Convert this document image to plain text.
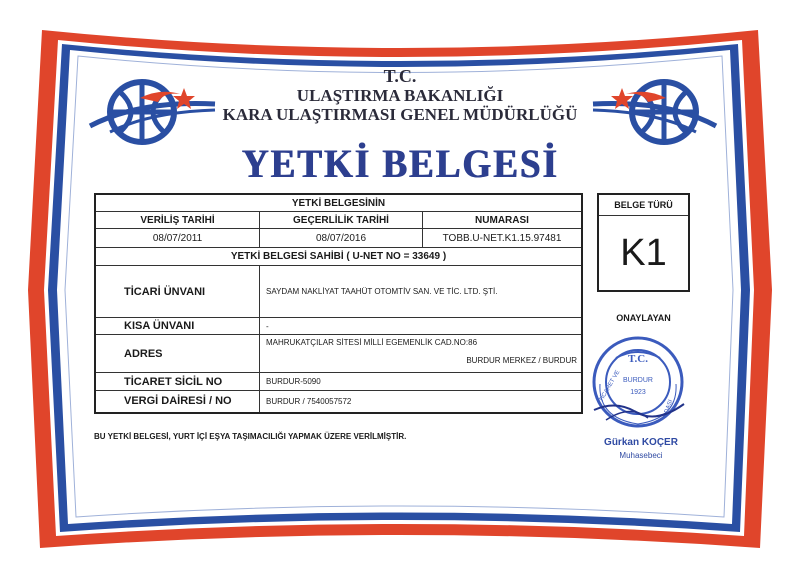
T.C.
ULAŞTIRMA BAKANLIĞI
KARA ULAŞTIRMASI GENEL MÜDÜRLÜĞÜ
YETKİ BELGESİ
YETKİ BELGESİNİN
VERİLİŞ TARİHİ	GEÇERLİLİK TARİHİ	NUMARASI
08/07/2011	08/07/2016	TOBB.U-NET.K1.15.97481
YETKİ BELGESİ SAHİBİ ( U-NET NO = 33649 )
TİCARİ ÜNVANI	SAYDAM NAKLİYAT TAAHÜT OTOMTİV SAN. VE TİC. LTD. ŞTİ.
KISA ÜNVANI	-
ADRES
MAHRUKATÇILAR SİTESİ MİLLİ EGEMENLİK CAD.NO:86
BURDUR MERKEZ / BURDUR
TİCARET SİCİL NO	BURDUR-5090
VERGİ DAİRESİ / NO	BURDUR / 7540057572
BELGE TÜRÜ
K1
ONAYLAYAN
T.C.
1923
BURDUR
TİCARET VE
ODASI
Gürkan KOÇER
Muhasebeci
BU YETKİ BELGESİ, YURT İÇİ EŞYA TAŞIMACILIĞI YAPMAK ÜZERE VERİLMİŞTİR.
